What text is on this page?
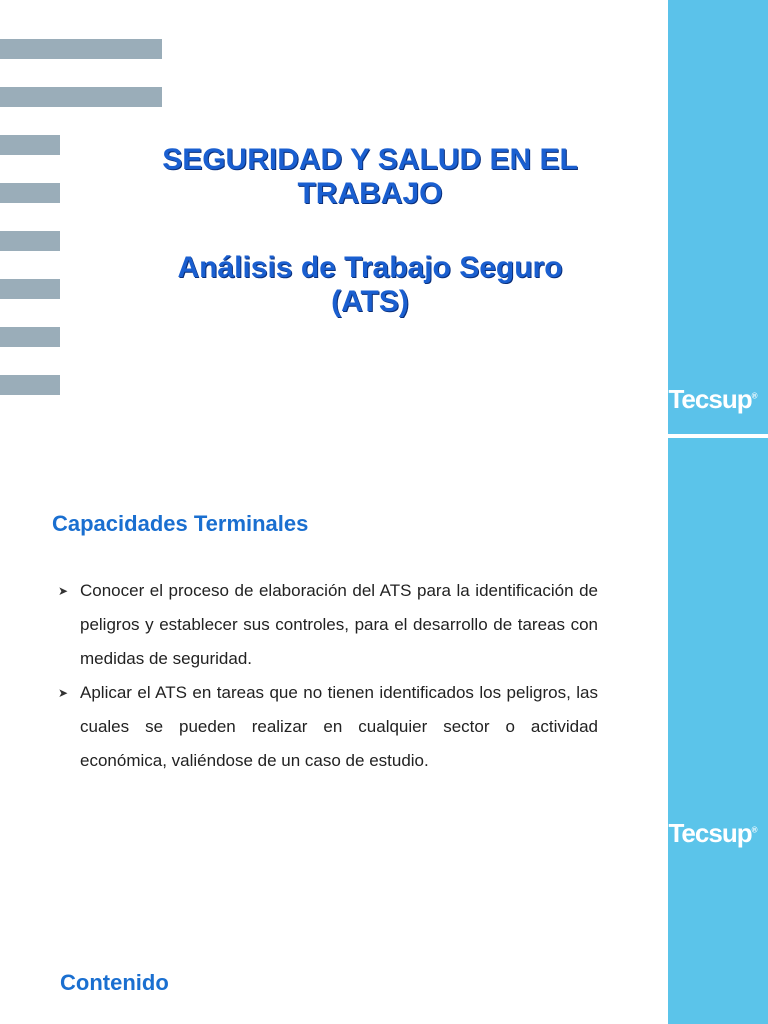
Tecsup®
Tecsup®
SEGURIDAD Y SALUD EN EL
TRABAJO
Análisis de Trabajo Seguro
(ATS)
Capacidades Terminales
➤ Conocer el proceso de elaboración del ATS para la identificación de peligros y establecer sus controles, para el desarrollo de tareas con medidas de seguridad.
➤ Aplicar el ATS en tareas que no tienen identificados los peligros, las cuales se pueden realizar en cualquier sector o actividad económica, valiéndose de un caso de estudio.
Contenido
